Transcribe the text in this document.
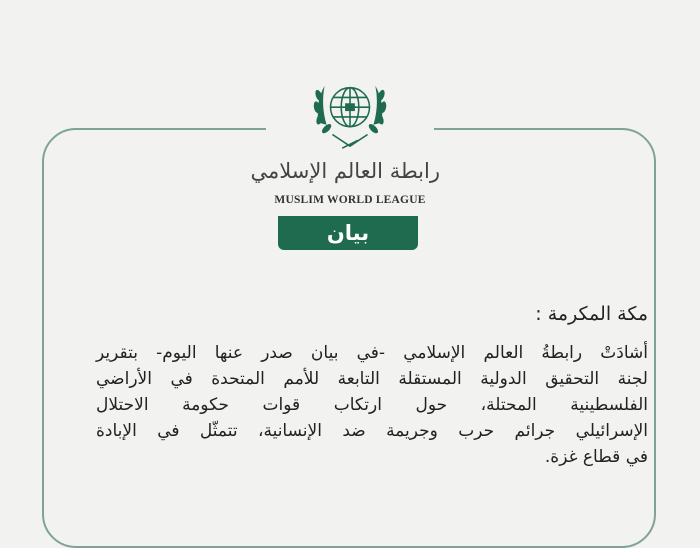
رابطة العالم الإسلامي
MUSLIM WORLD LEAGUE
بيان
مكة المكرمة :
أشادَتْ رابطةُ العالم الإسلامي -في بيان صدر عنها اليوم- بتقرير
لجنة التحقيق الدولية المستقلة التابعة للأمم المتحدة في الأراضي
الفلسطينية المحتلة، حول ارتكاب قوات حكومة الاحتلال
الإسرائيلي جرائم حرب وجريمة ضد الإنسانية، تتمثّل في الإبادة
في قطاع غزة.
